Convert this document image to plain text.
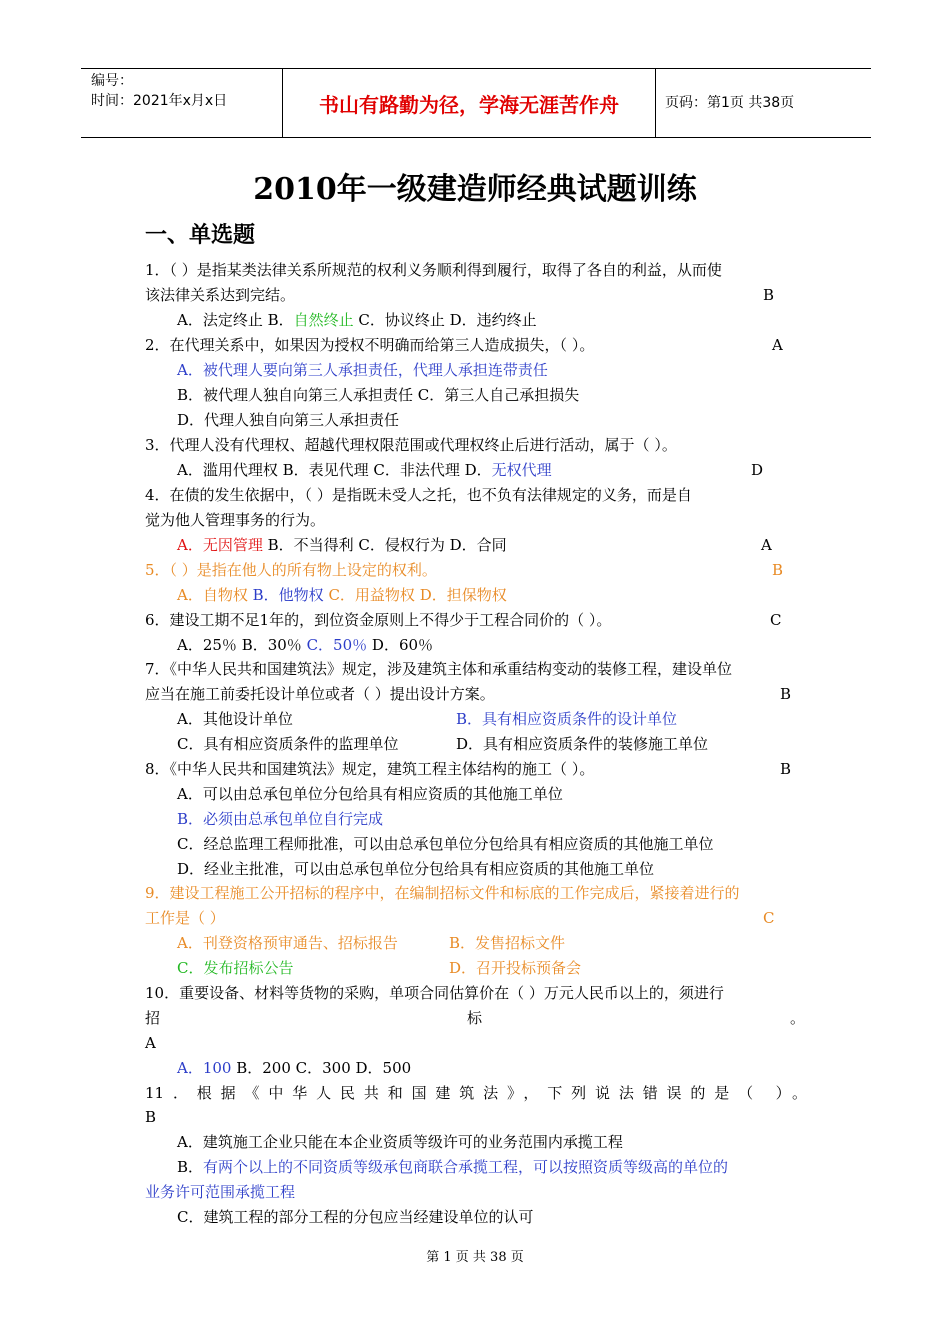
编号：
时间：2021年x月x日	书山有路勤为径，学海无涯苦作舟	页码：第1页 共38页
2010年一级建造师经典试题训练
一、单选题
1．（ ）是指某类法律关系所规范的权利义务顺利得到履行，取得了各自的利益，从而使
该法律关系达到完结。	B
A．法定终止 B．自然终止 C．协议终止 D．违约终止
2．在代理关系中，如果因为授权不明确而给第三人造成损失，（ ）。	A
A．被代理人要向第三人承担责任，代理人承担连带责任
B．被代理人独自向第三人承担责任 C．第三人自己承担损失
D．代理人独自向第三人承担责任
3．代理人没有代理权、超越代理权限范围或代理权终止后进行活动，属于（ ）。
A．滥用代理权 B．表见代理 C．非法代理 D．无权代理	D
4．在债的发生依据中，（ ）是指既未受人之托，也不负有法律规定的义务，而是自
觉为他人管理事务的行为。
A．无因管理 B．不当得利 C．侵权行为 D．合同	A
5．（ ）是指在他人的所有物上设定的权利。	B
A．自物权 B．他物权 C．用益物权 D．担保物权
6．建设工期不足1年的，到位资金原则上不得少于工程合同价的（ ）。	C
A．25％ B．30％ C．50％ D．60％
7．《中华人民共和国建筑法》规定，涉及建筑主体和承重结构变动的装修工程，建设单位
应当在施工前委托设计单位或者（ ）提出设计方案。	B
A．其他设计单位	B．具有相应资质条件的设计单位
C．具有相应资质条件的监理单位	D．具有相应资质条件的装修施工单位
8．《中华人民共和国建筑法》规定，建筑工程主体结构的施工（ ）。	B
A．可以由总承包单位分包给具有相应资质的其他施工单位
B．必须由总承包单位自行完成
C．经总监理工程师批准，可以由总承包单位分包给具有相应资质的其他施工单位
D．经业主批准，可以由总承包单位分包给具有相应资质的其他施工单位
9．建设工程施工公开招标的程序中，在编制招标文件和标底的工作完成后，紧接着进行的
工作是（ ）	C
A．刊登资格预审通告、招标报告	B．发售招标文件
C．发布招标公告	D．召开投标预备会
10．重要设备、材料等货物的采购，单项合同估算价在（ ）万元人民币以上的，须进行
招	标	。
A
A．100 B．200 C．300 D．500
11．根据《中华人民共和国建筑法》，下列说法错误的是（ ）。
B
A．建筑施工企业只能在本企业资质等级许可的业务范围内承揽工程
B．有两个以上的不同资质等级承包商联合承揽工程，可以按照资质等级高的单位的
业务许可范围承揽工程
C．建筑工程的部分工程的分包应当经建设单位的认可
第 1 页 共 38 页
